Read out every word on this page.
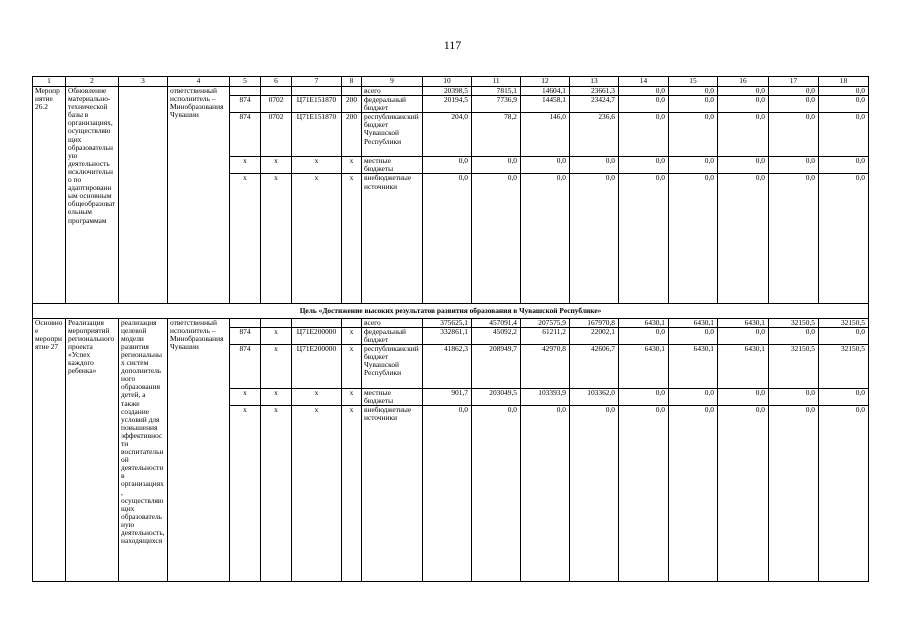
117
1	2	3	4	5	6	7	8	9	10	11	12	13	14	15	16	17	18
Мероприятие 26.2	Обновление материально-технической базы в организациях, осуществляющих образовательную деятельность исключительно по адаптированным основным общеобразовательным программам		ответственный исполнитель – Минобразования Чувашии					всего	20398,5	7815,1	14604,1	23661,3	0,0	0,0	0,0	0,0	0,0
				874	0702	Ц71Е151870	200	федеральный бюджет	20194,5	7736,9	14458,1	23424,7	0,0	0,0	0,0	0,0	0,0
				874	0702	Ц71Е151870	200	республиканский бюджет Чувашской Республики	204,0	78,2	146,0	236,6	0,0	0,0	0,0	0,0	0,0
				x	x	x	x	местные бюджеты	0,0	0,0	0,0	0,0	0,0	0,0	0,0	0,0	0,0
				x	x	x	x	внебюджетные источники	0,0	0,0	0,0	0,0	0,0	0,0	0,0	0,0	0,0
Цель «Достижение высоких результатов развития образования в Чувашской Республике»																	
Основное мероприятие 27	Реализация мероприятий регионального проекта «Успех каждого ребенка»	реализация целевой модели развития региональных систем дополнительного образования детей, а также создание условий для повышения эффективности воспитательной деятельности в организациях, осуществляющих образовательную деятельность, находящихся	ответственный исполнитель – Минобразования Чувашии					всего	375625,1	457091,4	207575,9	167970,8	6430,1	6430,1	6430,1	32150,5	32150,5
				874	x	Ц71Е200000	x	федеральный бюджет	332861,1	45092,2	61211,2	22002,1	0,0	0,0	0,0	0,0	0,0
				874	x	Ц71Е200000	x	республиканский бюджет Чувашской Республики	41862,3	208949,7	42970,8	42606,7	6430,1	6430,1	6430,1	32150,5	32150,5
				x	x	x	x	местные бюджеты	901,7	203049,5	103393,9	103362,0	0,0	0,0	0,0	0,0	0,0
				x	x	x	x	внебюджетные источники	0,0	0,0	0,0	0,0	0,0	0,0	0,0	0,0	0,0
